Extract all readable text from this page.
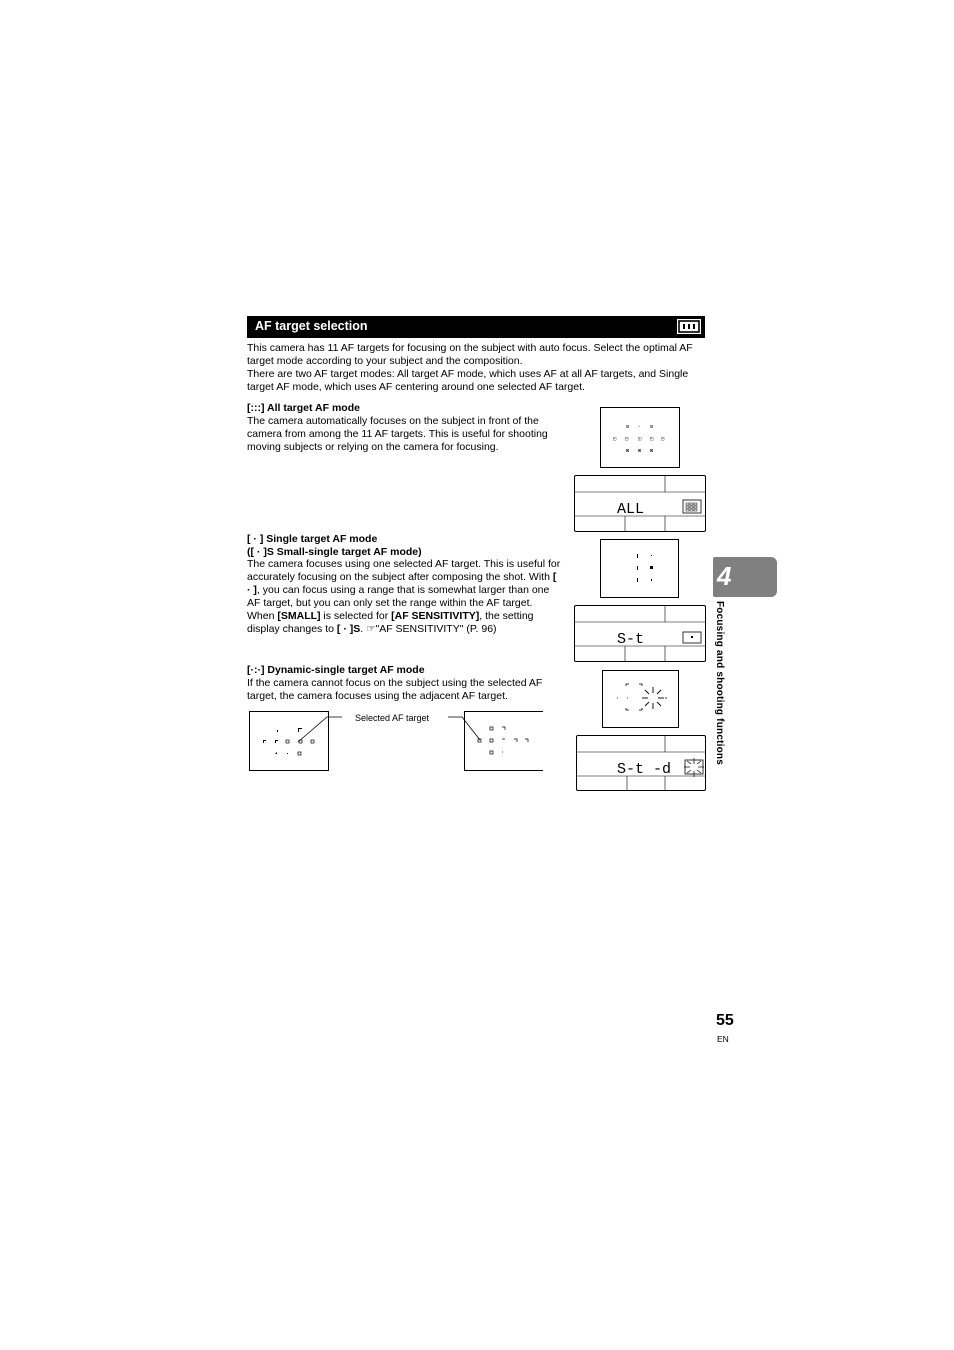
AF target selection
This camera has 11 AF targets for focusing on the subject with auto focus. Select the optimal AF target mode according to your subject and the composition.
There are two AF target modes: All target AF mode, which uses AF at all AF targets, and Single target AF mode, which uses AF centering around one selected AF target.
[:::] All target AF mode
The camera automatically focuses on the subject in front of the camera from among the 11 AF targets. This is useful for shooting moving subjects or relying on the camera for focusing.
⊡ ▫ ⊡
◰ ◳ ◫ ◰ ◳
⊠ ⊠ ⊠
ALL
[ · ] Single target AF mode
([ · ]S Small-single target AF mode)
The camera focuses using one selected AF target. This is useful for accurately focusing on the subject after composing the shot. With [ · ], you can focus using a range that is somewhat larger than one AF target, but you can only set the range within the AF target. When [SMALL] is selected for [AF SENSITIVITY], the setting display changes to [ · ]S. ☞"AF SENSITIVITY" (P. 96)
S-t
[·:·] Dynamic-single target AF mode
If the camera cannot focus on the subject using the selected AF target, the camera focuses using the adjacent AF target.
S-t -d
Selected AF target
4
Focusing and shooting functions
55
EN
